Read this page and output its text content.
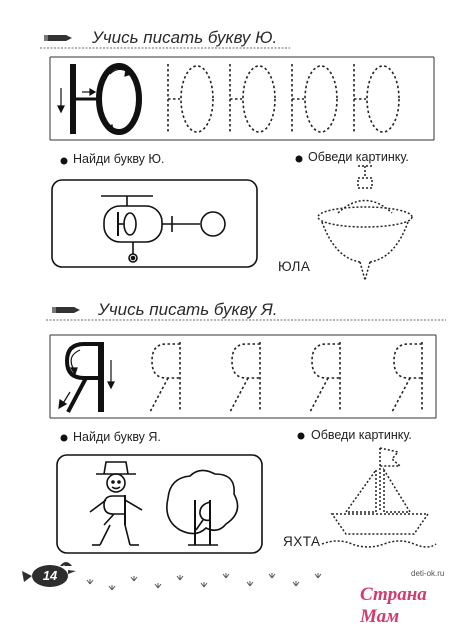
Учись писать букву Ю.
Найди букву Ю.	Обведи картинку.
ЮЛА
Учись писать букву Я.
Найди букву Я.	Обведи картинку.
ЯХТА
14
Страна Мам
deti-ok.ru
